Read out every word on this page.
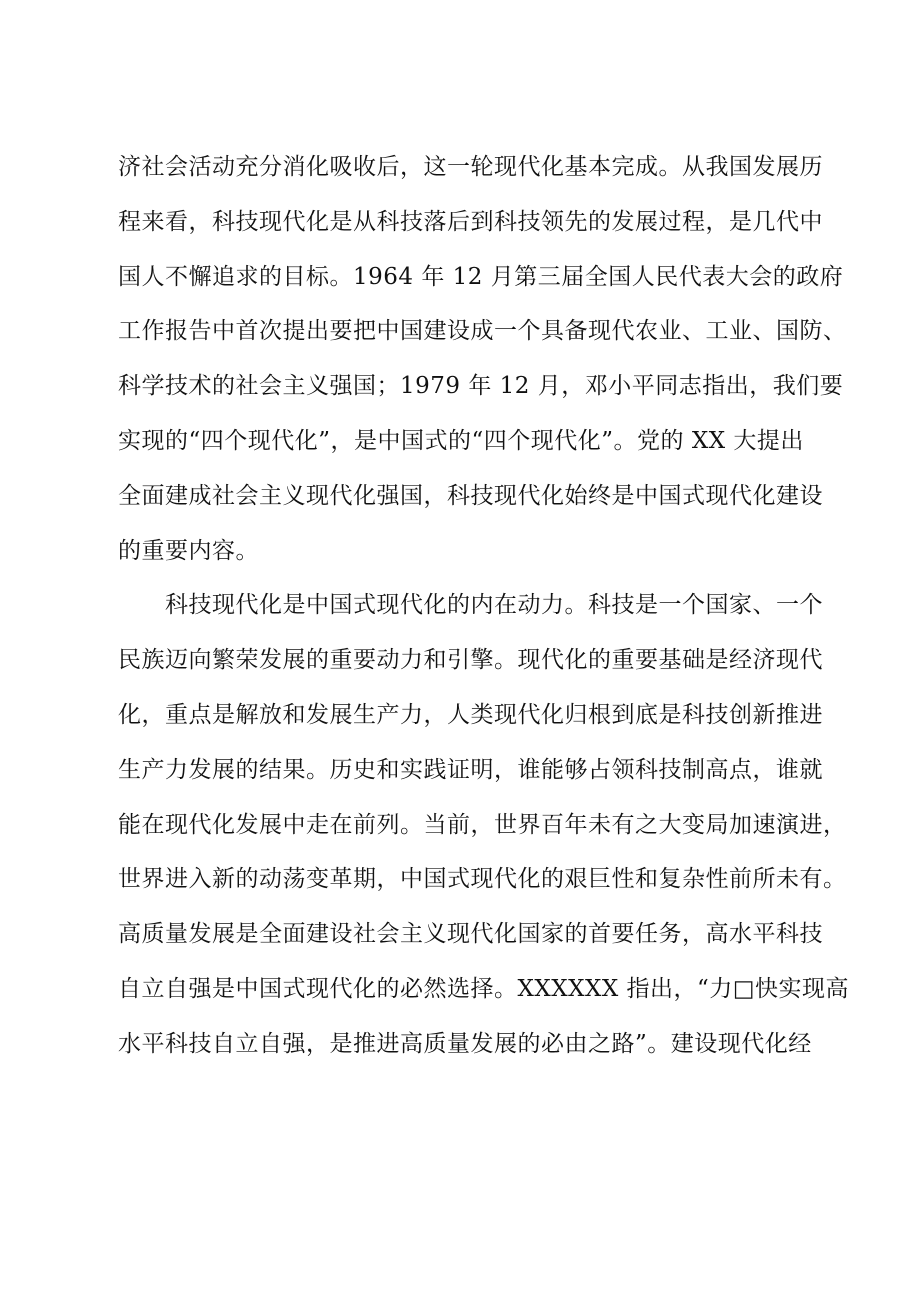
济社会活动充分消化吸收后，这一轮现代化基本完成。从我国发展历
程来看，科技现代化是从科技落后到科技领先的发展过程，是几代中
国人不懈追求的目标。1964 年 12 月第三届全国人民代表大会的政府
工作报告中首次提出要把中国建设成一个具备现代农业、工业、国防、
科学技术的社会主义强国；1979 年 12 月，邓小平同志指出，我们要
实现的“四个现代化”，是中国式的“四个现代化”。党的 XX 大提出
全面建成社会主义现代化强国，科技现代化始终是中国式现代化建设
的重要内容。
科技现代化是中国式现代化的内在动力。科技是一个国家、一个
民族迈向繁荣发展的重要动力和引擎。现代化的重要基础是经济现代
化，重点是解放和发展生产力，人类现代化归根到底是科技创新推进
生产力发展的结果。历史和实践证明，谁能够占领科技制高点，谁就
能在现代化发展中走在前列。当前，世界百年未有之大变局加速演进，
世界进入新的动荡变革期，中国式现代化的艰巨性和复杂性前所未有。
高质量发展是全面建设社会主义现代化国家的首要任务，高水平科技
自立自强是中国式现代化的必然选择。XXXXXX 指出，“力□快实现高
水平科技自立自强，是推进高质量发展的必由之路”。建设现代化经
